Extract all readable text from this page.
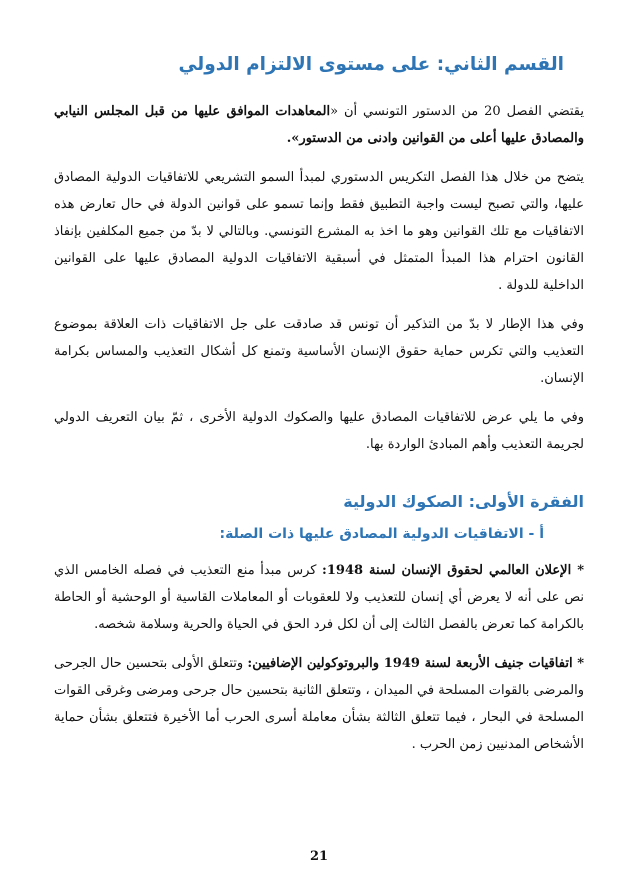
القسم الثاني: على مستوى الالتزام الدولي

يقتضي الفصل 20 من الدستور التونسي أن «المعاهدات الموافق عليها من قبل المجلس النيابي والمصادق عليها أعلى من القوانين وادنى من الدستور».

يتضح من خلال هذا الفصل التكريس الدستوري لمبدأ السمو التشريعي للاتفاقيات الدولية المصادق عليها، والتي تصبح ليست واجبة التطبيق فقط وإنما تسمو على قوانين الدولة في حال تعارض هذه الاتفاقيات مع تلك القوانين وهو ما اخذ به المشرع التونسي. وبالتالي لا بدّ من جميع المكلفين بإنفاذ القانون احترام هذا المبدأ المتمثل في أسبقية الاتفاقيات الدولية المصادق عليها على القوانين الداخلية للدولة .

وفي هذا الإطار لا بدّ من التذكير أن تونس قد صادقت على جل الاتفاقيات ذات العلاقة بموضوع التعذيب والتي تكرس حماية حقوق الإنسان الأساسية وتمنع كل أشكال التعذيب والمساس بكرامة الإنسان.

وفي ما يلي عرض للاتفاقيات المصادق عليها والصكوك الدولية الأخرى ، ثمّ بيان التعريف الدولي لجريمة التعذيب وأهم المبادئ الواردة بها.

الفقرة الأولى: الصكوك الدولية
أ - الاتفاقيات الدولية المصادق عليها ذات الصلة:

* الإعلان العالمي لحقوق الإنسان لسنة 1948: كرس مبدأ منع التعذيب في فصله الخامس الذي نص على أنه لا يعرض أي إنسان للتعذيب ولا للعقوبات أو المعاملات القاسية أو الوحشية أو الحاطة بالكرامة كما تعرض بالفصل الثالث إلى أن لكل فرد الحق في الحياة والحرية وسلامة شخصه.

* اتفاقيات جنيف الأربعة لسنة 1949 والبروتوكولين الإضافيين: وتتعلق الأولى بتحسين حال الجرحى والمرضى بالقوات المسلحة في الميدان ، وتتعلق الثانية بتحسين حال جرحى ومرضى وغرقى القوات المسلحة في البحار ، فيما تتعلق الثالثة بشأن معاملة أسرى الحرب أما الأخيرة فتتعلق بشأن حماية الأشخاص المدنيين زمن الحرب .

21
